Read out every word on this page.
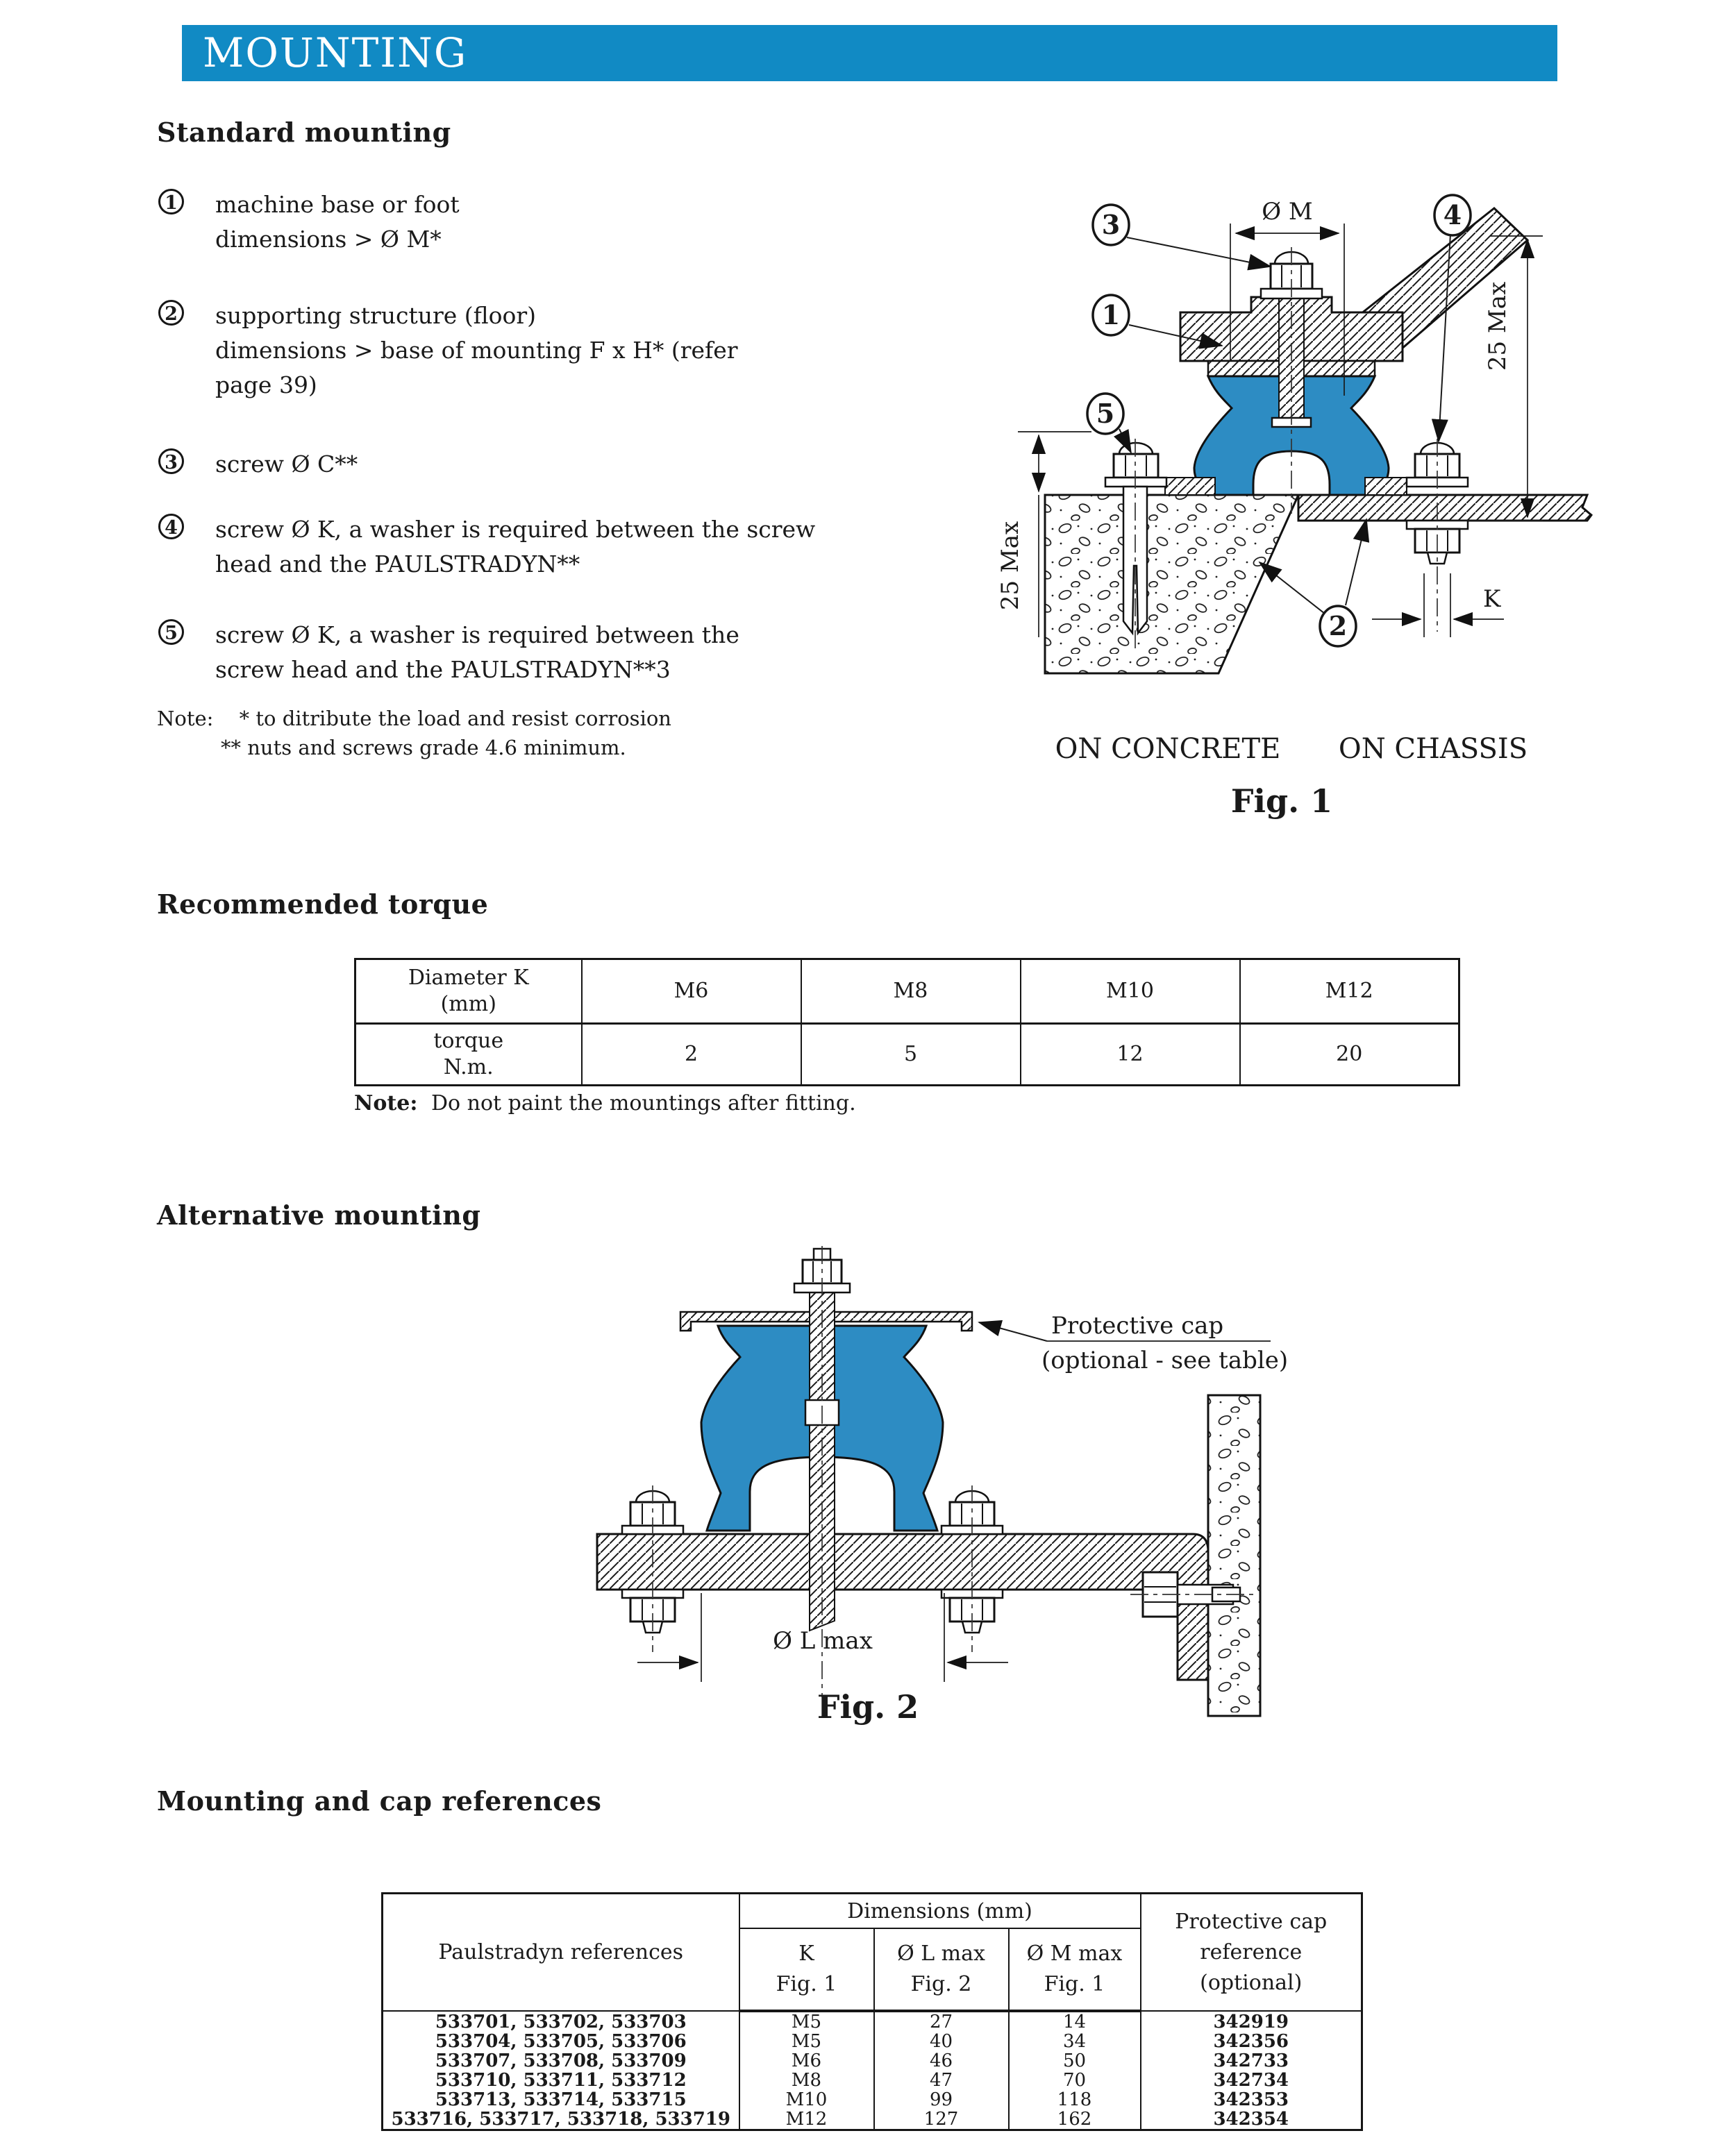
MOUNTING
Standard mounting
1 machine base or foot
dimensions > Ø M*
2 supporting structure (floor)
dimensions > base of mounting F x H* (refer
page 39)
3 screw Ø C**
4 screw Ø K, a washer is required between the screw
head and the PAULSTRADYN**
5 screw Ø K, a washer is required between the
screw head and the PAULSTRADYN**3
Note: * to ditribute the load and resist corrosion
** nuts and screws grade 4.6 minimum.
Ø M
25 Max
25 Max	K
3
1
5
4
2
ON CONCRETE ON CHASSIS
Fig. 1
Recommended torque
Diameter K
(mm)	M6	M8	M10	M12

torque
N.m.	2	5	12	20
Note: Do not paint the mountings after fitting.
Alternative mounting
Ø L max
Protective cap
(optional - see table)
Fig. 2
Mounting and cap references
Paulstradyn references	Dimensions (mm)			Protective cap
reference
(optional)

K
Fig. 1

Ø L max
Fig. 2

Ø M max
Fig. 1

533701, 533702, 533703	M5	27	14	342919
533704, 533705, 533706	M5	40	34	342356
533707, 533708, 533709	M6	46	50	342733
533710, 533711, 533712	M8	47	70	342734
533713, 533714, 533715	M10	99	118	342353
533716, 533717, 533718, 533719	M12	127	162	342354
